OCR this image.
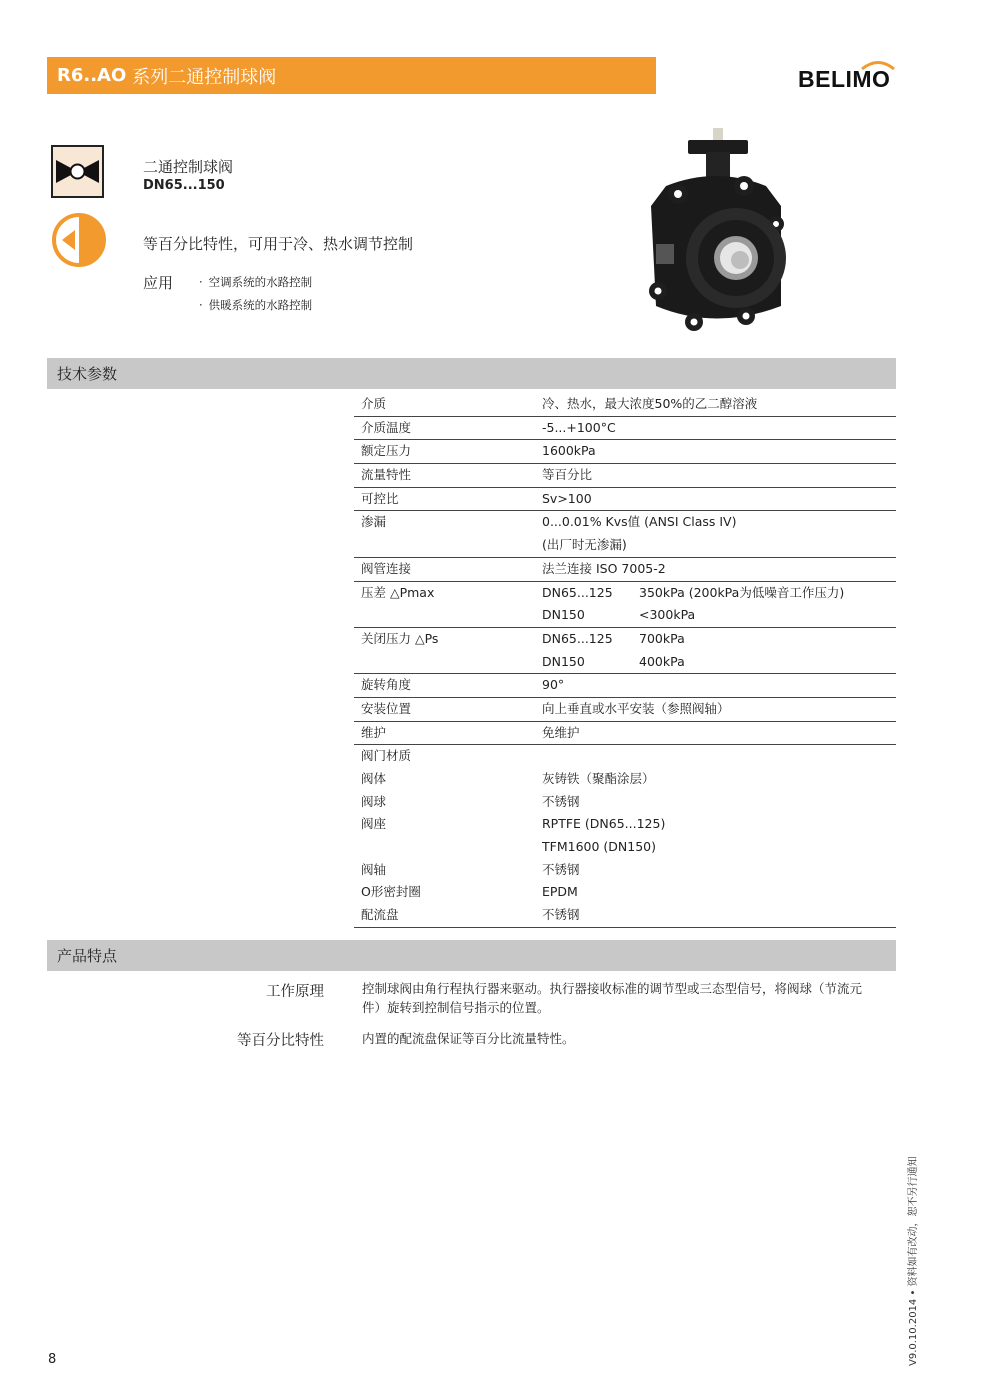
R6..AO 系列二通控制球阀	BELIMO
二通控制球阀
DN65...150
等百分比特性，可用于冷、热水调节控制
应用
·	空调系统的水路控制
· 供暖系统的水路控制
技术参数
介质	冷、热水，最大浓度50%的乙二醇溶液
介质温度	-5...+100°C
额定压力	1600kPa
流量特性	等百分比
可控比	Sv>100
渗漏	0...0.01% Kvs值 (ANSI Class IV)
(出厂时无渗漏)
阀管连接	法兰连接 ISO 7005-2
压差 △Pmax	DN65...125	350kPa (200kPa为低噪音工作压力)
DN150	<300kPa
关闭压力 △Ps	DN65...125	700kPa
DN150	400kPa
旋转角度	90°
安装位置	向上垂直或水平安装（参照阀轴）
维护	免维护
阀门材质
阀体	灰铸铁（聚酯涂层）
阀球	不锈钢
阀座	RPTFE (DN65...125)
TFM1600 (DN150)
阀轴	不锈钢
O形密封圈	EPDM
配流盘	不锈钢
产品特点
工作原理	控制球阀由角行程执行器来驱动。执行器接收标准的调节型或三态型信号，将阀球（节流元件）旋转到控制信号指示的位置。
等百分比特性	内置的配流盘保证等百分比流量特性。
8	V9.0.10.2014 • 资料如有改动，恕不另行通知
